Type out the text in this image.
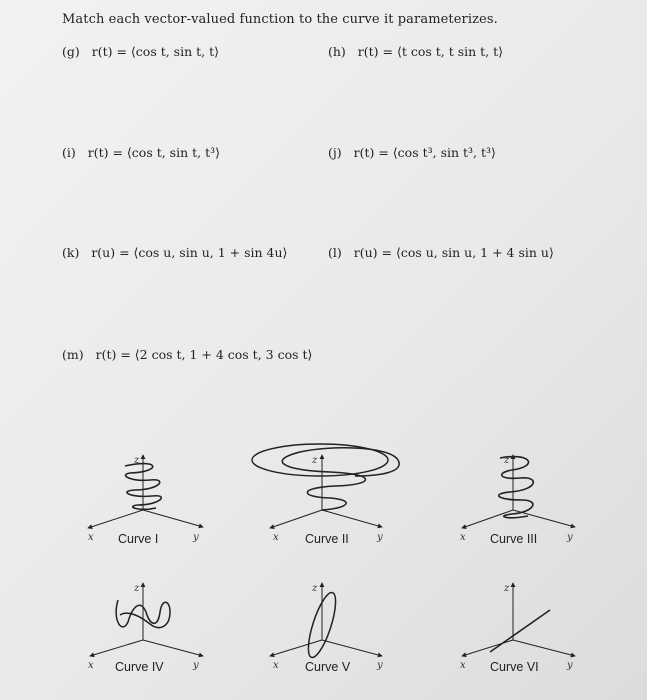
Match each vector-valued function to the curve it parameterizes.
(g) r(t) = ⟨cos t, sin t, t⟩	(h) r(t) = ⟨t cos t, t sin t, t⟩
(i) r(t) = ⟨cos t, sin t, t³⟩	(j) r(t) = ⟨cos t³, sin t³, t³⟩
(k) r(u) = ⟨cos u, sin u, 1 + sin 4u⟩	(l) r(u) = ⟨cos u, sin u, 1 + 4 sin u⟩
(m) r(t) = ⟨2 cos t, 1 + 4 cos t, 3 cos t⟩
x	y
z
Curve I	x	y
z
Curve II	x	y
z
Curve III
x	y
z
Curve IV	x	y
z
Curve V	x	y
z
Curve VI
